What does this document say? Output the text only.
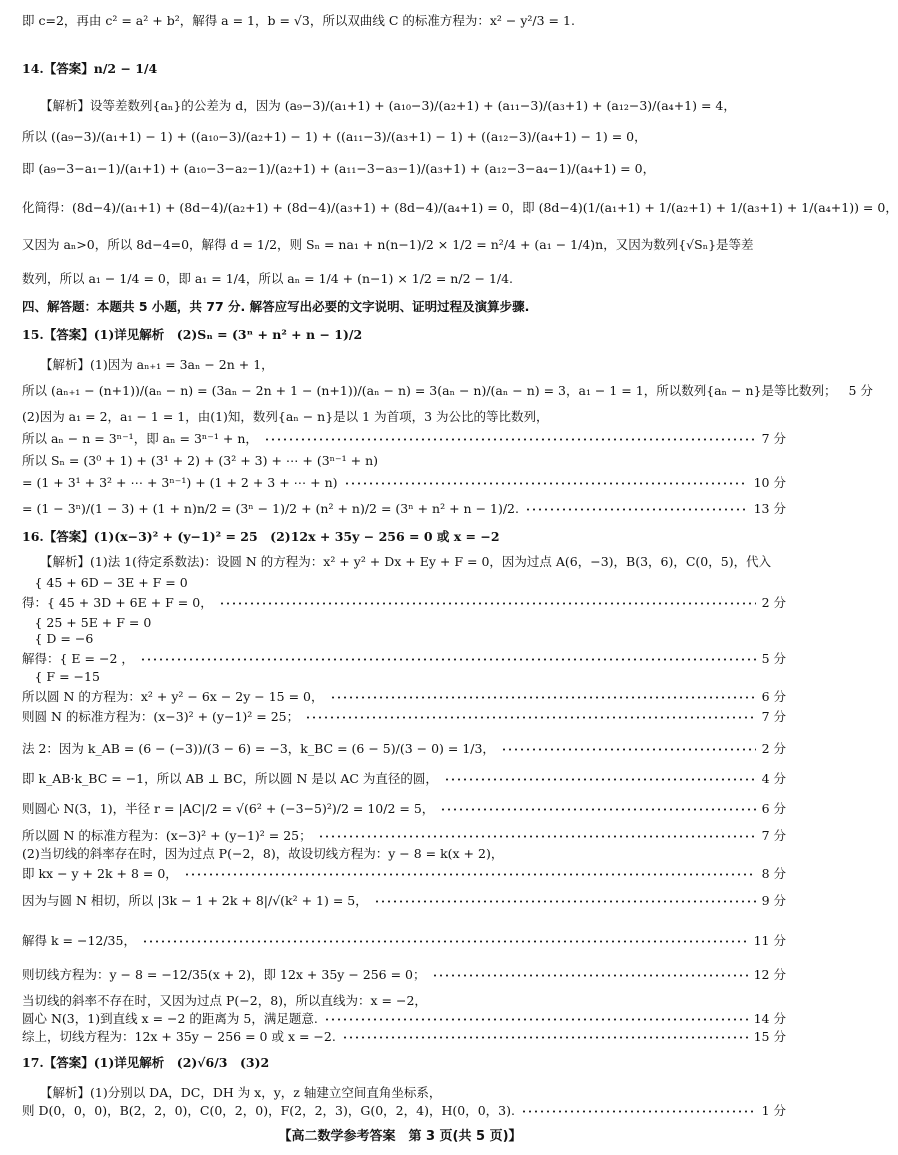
即 c=2，再由 c² = a² + b²，解得 a = 1，b = √3，所以双曲线 C 的标准方程为：x² − y²/3 = 1.
14.【答案】n/2 − 1/4
【解析】设等差数列{aₙ}的公差为 d，因为 (a₉−3)/(a₁+1) + (a₁₀−3)/(a₂+1) + (a₁₁−3)/(a₃+1) + (a₁₂−3)/(a₄+1) = 4，
所以 ((a₉−3)/(a₁+1) − 1) + ((a₁₀−3)/(a₂+1) − 1) + ((a₁₁−3)/(a₃+1) − 1) + ((a₁₂−3)/(a₄+1) − 1) = 0，
即 (a₉−3−a₁−1)/(a₁+1) + (a₁₀−3−a₂−1)/(a₂+1) + (a₁₁−3−a₃−1)/(a₃+1) + (a₁₂−3−a₄−1)/(a₄+1) = 0，
化简得：(8d−4)/(a₁+1) + (8d−4)/(a₂+1) + (8d−4)/(a₃+1) + (8d−4)/(a₄+1) = 0，即 (8d−4)(1/(a₁+1) + 1/(a₂+1) + 1/(a₃+1) + 1/(a₄+1)) = 0，
又因为 aₙ>0，所以 8d−4=0，解得 d = 1/2，则 Sₙ = na₁ + n(n−1)/2 × 1/2 = n²/4 + (a₁ − 1/4)n，又因为数列{√Sₙ}是等差
数列，所以 a₁ − 1/4 = 0，即 a₁ = 1/4，所以 aₙ = 1/4 + (n−1) × 1/2 = n/2 − 1/4.
四、解答题：本题共 5 小题，共 77 分. 解答应写出必要的文字说明、证明过程及演算步骤.
15.【答案】(1)详见解析　(2)Sₙ = (3ⁿ + n² + n − 1)/2
【解析】(1)因为 aₙ₊₁ = 3aₙ − 2n + 1，
所以 (aₙ₊₁ − (n+1))/(aₙ − n) = (3aₙ − 2n + 1 − (n+1))/(aₙ − n) = 3(aₙ − n)/(aₙ − n) = 3，a₁ − 1 = 1，所以数列{aₙ − n}是等比数列； 5 分
(2)因为 a₁ = 2，a₁ − 1 = 1，由(1)知，数列{aₙ − n}是以 1 为首项，3 为公比的等比数列，
所以 aₙ − n = 3ⁿ⁻¹，即 aₙ = 3ⁿ⁻¹ + n，	7 分
所以 Sₙ = (3⁰ + 1) + (3¹ + 2) + (3² + 3) + ⋯ + (3ⁿ⁻¹ + n)
= (1 + 3¹ + 3² + ⋯ + 3ⁿ⁻¹) + (1 + 2 + 3 + ⋯ + n)	10 分
= (1 − 3ⁿ)/(1 − 3) + (1 + n)n/2 = (3ⁿ − 1)/2 + (n² + n)/2 = (3ⁿ + n² + n − 1)/2.	13 分
16.【答案】(1)(x−3)² + (y−1)² = 25　(2)12x + 35y − 256 = 0 或 x = −2
【解析】(1)法 1(待定系数法)：设圆 N 的方程为：x² + y² + Dx + Ey + F = 0，因为过点 A(6，−3)，B(3，6)，C(0，5)，代入
　{ 45 + 6D − 3E + F = 0
得：{ 45 + 3D + 6E + F = 0，	2 分
　{ 25 + 5E + F = 0
　{ D = −6
解得：{ E = −2 ，	5 分
　{ F = −15
所以圆 N 的方程为：x² + y² − 6x − 2y − 15 = 0，	6 分
则圆 N 的标准方程为：(x−3)² + (y−1)² = 25；	7 分
法 2：因为 k_AB = (6 − (−3))/(3 − 6) = −3，k_BC = (6 − 5)/(3 − 0) = 1/3，	2 分
即 k_AB·k_BC = −1，所以 AB ⊥ BC，所以圆 N 是以 AC 为直径的圆，	4 分
则圆心 N(3，1)，半径 r = |AC|/2 = √(6² + (−3−5)²)/2 = 10/2 = 5，	6 分
所以圆 N 的标准方程为：(x−3)² + (y−1)² = 25；	7 分
(2)当切线的斜率存在时，因为过点 P(−2，8)，故设切线方程为：y − 8 = k(x + 2)，
即 kx − y + 2k + 8 = 0，	8 分
因为与圆 N 相切，所以 |3k − 1 + 2k + 8|/√(k² + 1) = 5，	9 分
解得 k = −12/35，	11 分
则切线方程为：y − 8 = −12/35(x + 2)，即 12x + 35y − 256 = 0；	12 分
当切线的斜率不存在时，又因为过点 P(−2，8)，所以直线为：x = −2，
圆心 N(3，1)到直线 x = −2 的距离为 5，满足题意.	14 分
综上，切线方程为：12x + 35y − 256 = 0 或 x = −2.	15 分
17.【答案】(1)详见解析　(2)√6/3　(3)2
【解析】(1)分别以 DA，DC，DH 为 x，y，z 轴建立空间直角坐标系，
则 D(0，0，0)，B(2，2，0)，C(0，2，0)，F(2，2，3)，G(0，2，4)，H(0，0，3).	1 分
【高二数学参考答案　第 3 页(共 5 页)】
